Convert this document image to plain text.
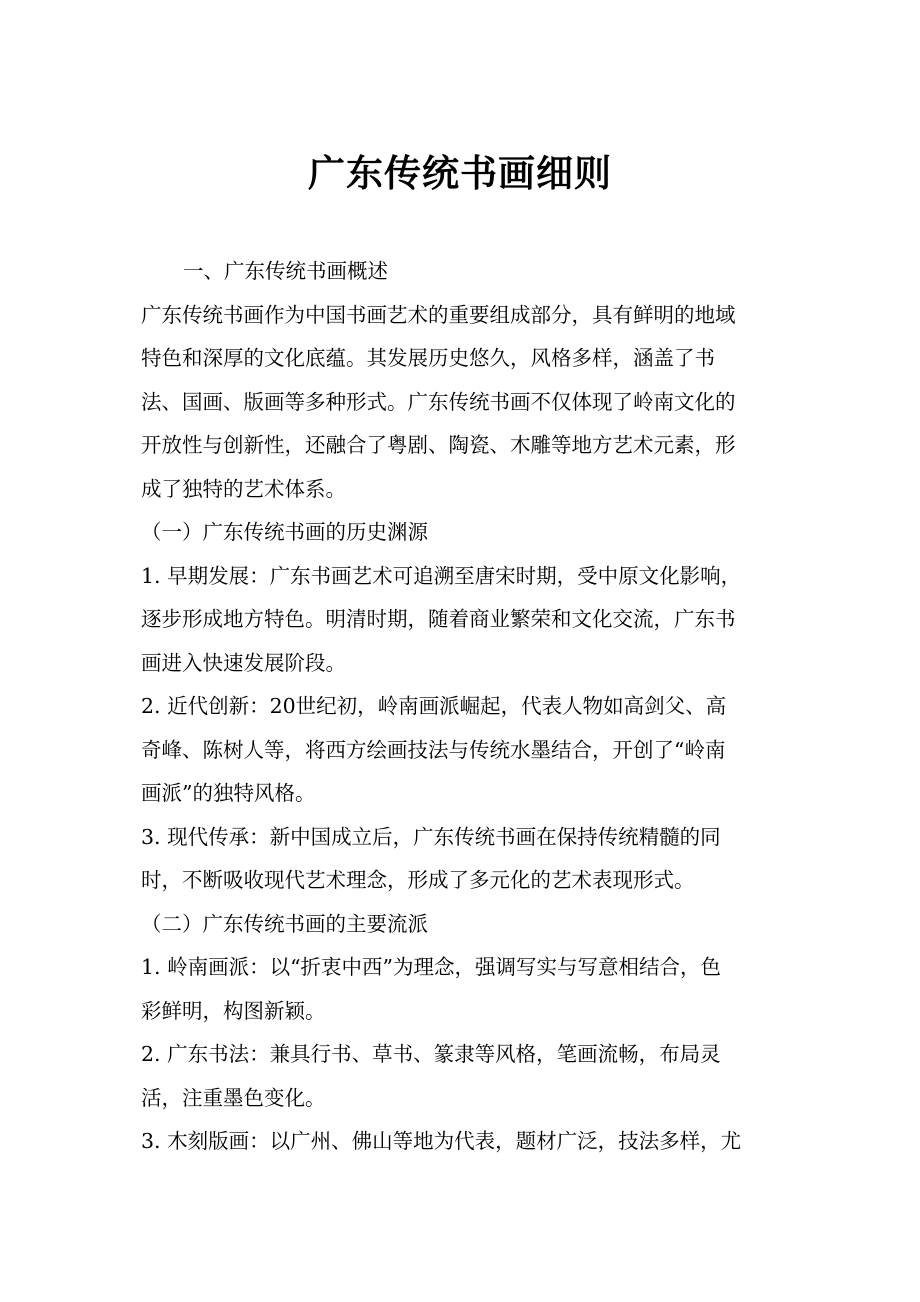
广东传统书画细则
一、广东传统书画概述
广东传统书画作为中国书画艺术的重要组成部分，具有鲜明的地域
特色和深厚的文化底蕴。其发展历史悠久，风格多样，涵盖了书
法、国画、版画等多种形式。广东传统书画不仅体现了岭南文化的
开放性与创新性，还融合了粤剧、陶瓷、木雕等地方艺术元素，形
成了独特的艺术体系。
（一）广东传统书画的历史渊源
1. 早期发展：广东书画艺术可追溯至唐宋时期，受中原文化影响，
逐步形成地方特色。明清时期，随着商业繁荣和文化交流，广东书
画进入快速发展阶段。
2. 近代创新：20世纪初，岭南画派崛起，代表人物如高剑父、高
奇峰、陈树人等，将西方绘画技法与传统水墨结合，开创了“岭南
画派”的独特风格。
3. 现代传承：新中国成立后，广东传统书画在保持传统精髓的同
时，不断吸收现代艺术理念，形成了多元化的艺术表现形式。
（二）广东传统书画的主要流派
1. 岭南画派：以“折衷中西”为理念，强调写实与写意相结合，色
彩鲜明，构图新颖。
2. 广东书法：兼具行书、草书、篆隶等风格，笔画流畅，布局灵
活，注重墨色变化。
3. 木刻版画：以广州、佛山等地为代表，题材广泛，技法多样，尤
